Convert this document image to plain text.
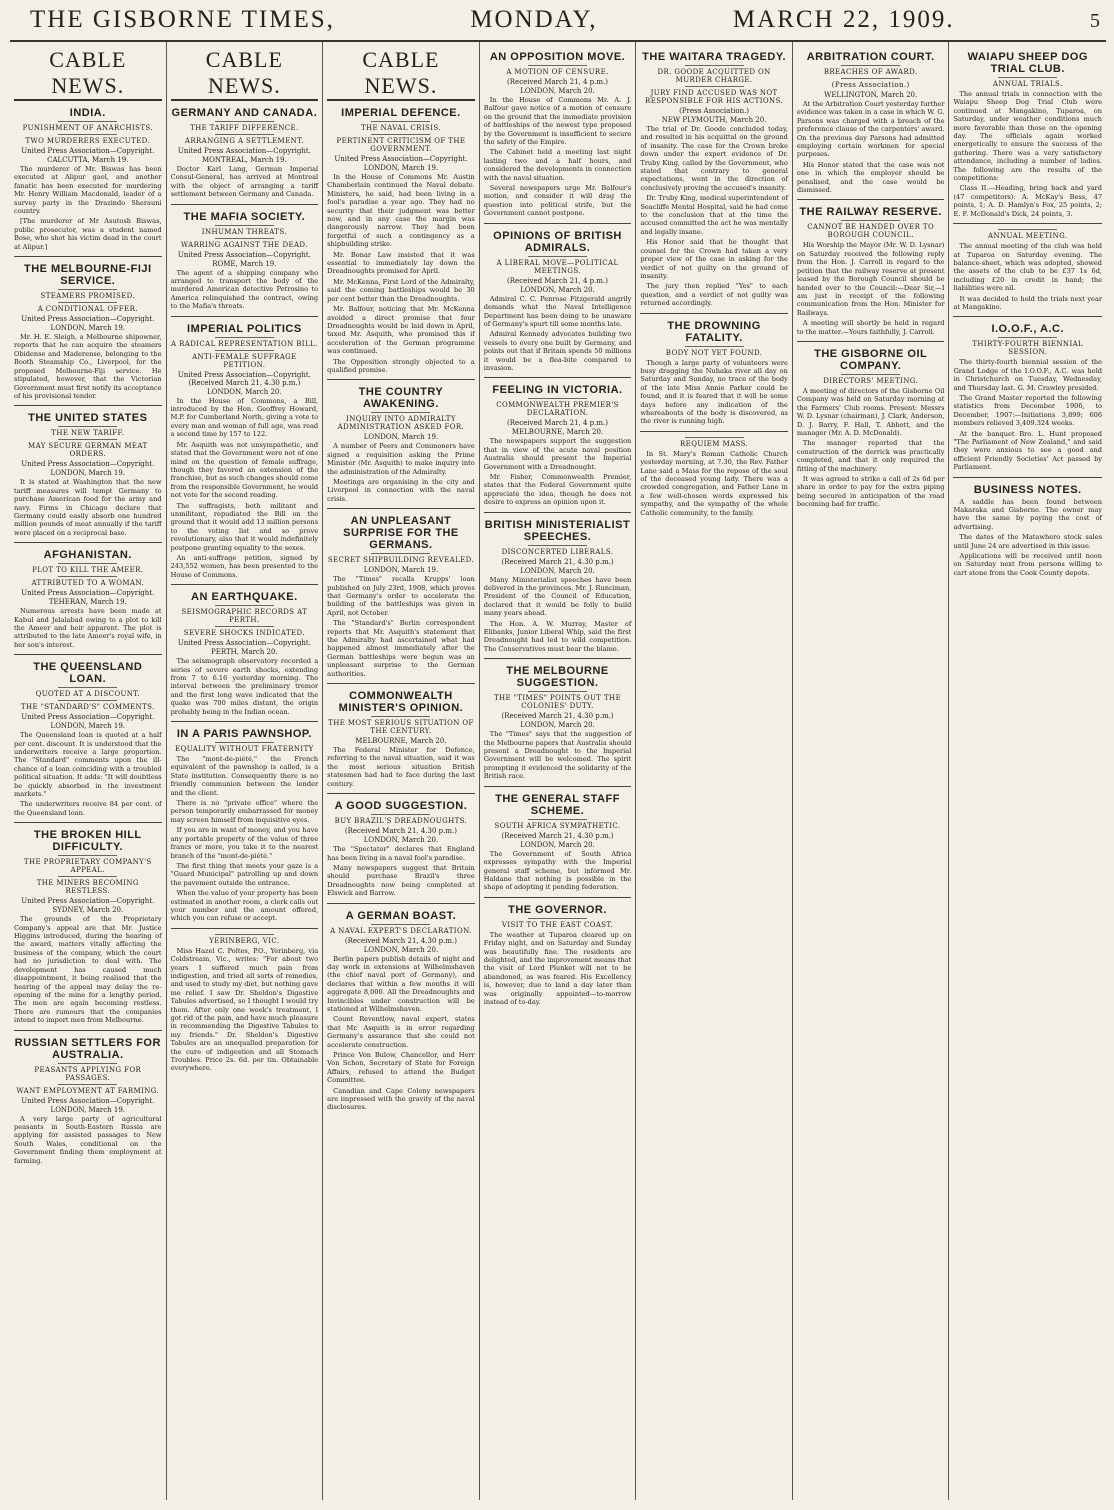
THE GISBORNE TIMES,	MONDAY,	MARCH 22, 1909.	5
CABLE NEWS.
INDIA.
PUNISHMENT OF ANARCHISTS.
TWO MURDERERS EXECUTED.
United Press Association—Copyright.
CALCUTTA, March 19.

The murderer of Mr. Biswas has been executed at Alipur gaol, and another fanatic has been executed for murdering Mr. Henry William Macdonald, leader of a survey party in the Drazindo Sherauni country.

[The murderer of Mr Asutosh Biswas, public prosecutor, was a student named Bose, who shot his victim dead in the court at Alipur.]

THE MELBOURNE-FIJI SERVICE.
STEAMERS PROMISED.
A CONDITIONAL OFFER.
United Press Association—Copyright.
LONDON, March 19.

Mr. H. E. Sleigh, a Melbourne shipowner, reports that he can acquire the steamers Obidense and Maderense, belonging to the Booth Steamship Co., Liverpool, for the proposed Melbourne-Fiji service. He stipulated, however, that the Victorian Government must first notify its acceptance of his provisional tender.

THE UNITED STATES
THE NEW TARIFF.
MAY SECURE GERMAN MEAT ORDERS.
United Press Association—Copyright.
LONDON, March 19.

It is stated at Washington that the new tariff measures will tempt Germany to purchase American food for the army and navy. Firms in Chicago declare that Germany could easily absorb one hundred million pounds of meat annually if the tariff were placed on a reciprocal base.

AFGHANISTAN.
PLOT TO KILL THE AMEER.
ATTRIBUTED TO A WOMAN.
United Press Association—Copyright.
TEHERAN, March 19.

Numerous arrests have been made at Kabul and Jelalabad owing to a plot to kill the Ameer and heir apparent. The plot is attributed to the late Ameer's royal wife, in her son's interest.

THE QUEENSLAND LOAN.
QUOTED AT A DISCOUNT.
THE "STANDARD'S" COMMENTS.
United Press Association—Copyright.
LONDON, March 19.

The Queensland loan is quoted at a half per cent. discount. It is understood that the underwriters receive a large proportion. The "Standard" comments upon the ill-chance of a loan coinciding with a troubled political situation. It adds: "It will doubtless be quickly absorbed in the investment markets."

The underwriters receive 84 per cent. of the Queensland loan.

THE BROKEN HILL DIFFICULTY.
THE PROPRIETARY COMPANY'S APPEAL.
THE MINERS BECOMING RESTLESS.
United Press Association—Copyright.
SYDNEY, March 20.

The grounds of the Proprietary Company's appeal are that Mr. Justice Higgins introduced, during the hearing of the award, matters vitally affecting the business of the company, which the court had no jurisdiction to deal with. The development has caused much disappointment, it being realised that the hearing of the appeal may delay the re-opening of the mine for a lengthy period. The men are again becoming restless. There are rumours that the companies intend to import men from Melbourne.

RUSSIAN SETTLERS FOR AUSTRALIA.
PEASANTS APPLYING FOR PASSAGES.
WANT EMPLOYMENT AT FARMING.
United Press Association—Copyright.
LONDON, March 19.

A very large party of agricultural peasants in South-Eastern Russia are applying for assisted passages to New South Wales, conditional on the Government finding them employment at farming.

CABLE NEWS.
GERMANY AND CANADA.
THE TARIFF DIFFERENCE.
ARRANGING A SETTLEMENT.
United Press Association—Copyright.
MONTREAL, March 19.

Doctor Karl Lang, German Imperial Consul-General, has arrived at Montreal with the object of arranging a tariff settlement between Germany and Canada.

THE MAFIA SOCIETY.
INHUMAN THREATS.
WARRING AGAINST THE DEAD.
United Press Association—Copyright.
ROME, March 19.

The agent of a shipping company who arranged to transport the body of the murdered American detective Petrosino to America relinquished the contract, owing to the Mafia's threats.

IMPERIAL POLITICS
A RADICAL REPRESENTATION BILL.
ANTI-FEMALE SUFFRAGE PETITION.
United Press Association—Copyright. (Received March 21, 4.30 p.m.)
LONDON, March 20.

In the House of Commons, a Bill, introduced by the Hon. Geoffrey Howard, M.P. for Cumberland North, giving a vote to every man and woman of full age, was read a second time by 157 to 122.

Mr. Asquith was not unsympathetic, and stated that the Government were not of one mind on the question of female suffrage, though they favored an extension of the franchise, but as such changes should come from the responsible Government, he would not vote for the second reading.

The suffragists, both militant and unmilitant, repudiated the Bill on the ground that it would add 13 million persons to the voting list and so prove revolutionary, also that it would indefinitely postpone granting equality to the sexes.

An anti-suffrage petition, signed by 243,552 women, has been presented to the House of Commons.

AN EARTHQUAKE.
SEISMOGRAPHIC RECORDS AT PERTH.
SEVERE SHOCKS INDICATED.
United Press Association—Copyright.
PERTH, March 20.

The seismograph observatory recorded a series of severe earth shocks, extending from 7 to 6.16 yesterday morning. The interval between the preliminary tremor and the first long wave indicated that the quake was 700 miles distant, the origin probably being in the Indian ocean.

IN A PARIS PAWNSHOP.
EQUALITY WITHOUT FRATERNITY

The "mont-de-piété," the French equivalent of the pawnshop is called, is a State institution. Consequently there is no friendly communion between the lender and the client.

There is no "private office" where the person temporarily embarrassed for money may screen himself from inquisitive eyes.

If you are in want of money, and you have any portable property of the value of three francs or more, you take it to the nearest branch of the "mont-de-piété."

The first thing that meets your gaze is a "Guard Municipal" patrolling up and down the pavement outside the entrance.

When the value of your property has been estimated in another room, a clerk calls out your number and the amount offered, which you can refuse or accept.

YERINBERG, VIC.

Miss Hazel C. Poltes, P.O., Yerinberg, via Coldstream, Vic., writes: "For about two years I suffered much pain from indigestion, and tried all sorts of remedies, and used to study my diet, but nothing gave me relief. I saw Dr. Sheldon's Digestive Tabules advertised, so I thought I would try them. After only one week's treatment, I got rid of the pain, and have much pleasure in recommending the Digestive Tabules to my friends." Dr. Sheldon's Digestive Tabules are an unequalled preparation for the cure of indigestion and all Stomach Troubles. Price 2s. 6d. per tin. Obtainable everywhere.

CABLE NEWS.
IMPERIAL DEFENCE.
THE NAVAL CRISIS.
PERTINENT CRITICISM OF THE GOVERNMENT.
United Press Association—Copyright.
LONDON, March 19.

In the House of Commons Mr. Austin Chamberlain continued the Naval debate. Ministers, he said, had been living in a fool's paradise a year ago. They had no security that their judgment was better now, and in any case the margin was dangerously narrow. They had been forgetful of such a contingency as a shipbuilding strike.

Mr. Bonar Law insisted that it was essential to immediately lay down the Dreadnoughts promised for April.

Mr. McKenna, First Lord of the Admiralty, said the coming battleships would be 30 per cent better than the Dreadnoughts.

Mr. Balfour, noticing that Mr. McKenna avoided a direct promise that four Dreadnoughts would be laid down in April, taxed Mr. Asquith, who promised this if acceleration of the German programme was continued.

The Opposition strongly objected to a qualified promise.

THE COUNTRY AWAKENING.
INQUIRY INTO ADMIRALTY ADMINISTRATION ASKED FOR.
LONDON, March 19.

A number of Peers and Commoners have signed a requisition asking the Prime Minister (Mr. Asquith) to make inquiry into the administration of the Admiralty.

Meetings are organising in the city and Liverpool in connection with the naval crisis.

AN UNPLEASANT SURPRISE FOR THE GERMANS.
SECRET SHIPBUILDING REVEALED.
LONDON, March 19.

The "Times" recalls Krupps' loan published on July 23rd, 1908, which proves that Germany's order to accelerate the building of the battleships was given in April, not October.

The "Standard's" Berlin correspondent reports that Mr. Asquith's statement that the Admiralty had ascertained what had happened almost immediately after the German battleships were begun was an unpleasant surprise to the German authorities.

COMMONWEALTH MINISTER'S OPINION.
THE MOST SERIOUS SITUATION OF THE CENTURY.
MELBOURNE, March 20.

The Federal Minister for Defence, referring to the naval situation, said it was the most serious situation British statesmen had had to face during the last century.

A GOOD SUGGESTION.
BUY BRAZIL'S DREADNOUGHTS.
(Received March 21, 4.30 p.m.)
LONDON, March 20.

The "Spectator" declares that England has been living in a naval fool's paradise.

Many newspapers suggest that Britain should purchase Brazil's three Dreadnoughts now being completed at Elswick and Barrow.

A GERMAN BOAST.
A NAVAL EXPERT'S DECLARATION.
(Received March 21, 4.30 p.m.)
LONDON, March 20.

Berlin papers publish details of night and day work in extensions at Wilhelmshaven (the chief naval port of Germany), and declares that within a few months it will aggregate 8,000. All the Dreadnoughts and Invincibles under construction will be stationed at Wilhelmshaven.

Count Reventlow, naval expert, states that Mr. Asquith is in error regarding Germany's assurance that she could not accelerate construction.

Prince Von Bulow, Chancellor, and Herr Von Schon, Secretary of State for Foreign Affairs, refused to attend the Budget Committee.

Canadian and Cape Colony newspapers are impressed with the gravity of the naval disclosures.

AN OPPOSITION MOVE.
A MOTION OF CENSURE.
(Received March 21, 4 p.m.)
LONDON, March 20.

In the House of Commons Mr. A. J. Balfour gave notice of a motion of censure on the ground that the immediate provision of battleships of the newest type proposed by the Government is insufficient to secure the safety of the Empire.

The Cabinet held a meeting last night lasting two and a half hours, and considered the developments in connection with the naval situation.

Several newspapers urge Mr. Balfour's motion, and consider it will drag the question into political strife, but the Government cannot postpone.

OPINIONS OF BRITISH ADMIRALS.
A LIBERAL MOVE—POLITICAL MEETINGS.
(Received March 21, 4 p.m.)
LONDON, March 20.

Admiral C. C. Penrose Fitzgerald angrily demands what the Naval Intelligence Department has been doing to be unaware of Germany's spurt till some months late.

Admiral Kennedy advocates building two vessels to every one built by Germany, and points out that if Britain spends 50 millions it would be a flea-bite compared to invasion.

FEELING IN VICTORIA.
COMMONWEALTH PREMIER'S DECLARATION.
(Received March 21, 4 p.m.)
MELBOURNE, March 20.

The newspapers support the suggestion that in view of the acute naval position Australia should present the Imperial Government with a Dreadnought.

Mr. Fisher, Commonwealth Premier, states that the Federal Government quite appreciate the idea, though he does not desire to express an opinion upon it.

BRITISH MINISTERIALIST SPEECHES.
DISCONCERTED LIBERALS.
(Received March 21, 4.30 p.m.)
LONDON, March 20.

Many Ministerialist speeches have been delivered in the provinces. Mr. J. Runciman, President of the Council of Education, declared that it would be folly to build many years ahead.

The Hon. A. W. Murray, Master of Elibanks, Junior Liberal Whip, said the first Dreadnought had led to wild competition. The Conservatives must bear the blame.

THE MELBOURNE SUGGESTION.
THE "TIMES" POINTS OUT THE COLONIES' DUTY.
(Received March 21, 4.30 p.m.)
LONDON, March 20.

The "Times" says that the suggestion of the Melbourne papers that Australia should present a Dreadnought to the Imperial Government will be welcomed. The spirit prompting it evidenced the solidarity of the British race.

THE GENERAL STAFF SCHEME.
SOUTH AFRICA SYMPATHETIC.
(Received March 21, 4.30 p.m.)
LONDON, March 20.

The Government of South Africa expresses sympathy with the Imperial general staff scheme, but informed Mr. Haldane that nothing is possible in the shape of adopting it pending federation.

THE GOVERNOR.
VISIT TO THE EAST COAST.

The weather at Tuparoa cleared up on Friday night, and on Saturday and Sunday was beautifully fine. The residents are delighted, and the improvement means that the visit of Lord Plunket will not to be abandoned, as was feared. His Excellency is, however, due to land a day later than was originally appointed—to-morrow instead of to-day.

THE WAITARA TRAGEDY.
DR. GOODE ACQUITTED ON MURDER CHARGE.
JURY FIND ACCUSED WAS NOT RESPONSIBLE FOR HIS ACTIONS.
(Press Association.)
NEW PLYMOUTH, March 20.

The trial of Dr. Goode concluded today, and resulted in his acquittal on the ground of insanity. The case for the Crown broke down under the expert evidence of Dr. Truby King, called by the Government, who stated that contrary to general expectations, went in the direction of conclusively proving the accused's insanity.

Dr. Truby King, medical superintendent of Seacliffe Mental Hospital, said he had come to the conclusion that at the time the accused committed the act he was mentally and legally insane.

His Honor said that he thought that counsel for the Crown had taken a very proper view of the case in asking for the verdict of not guilty on the ground of insanity.

The jury then replied "Yes" to each question, and a verdict of not guilty was returned accordingly.

THE DROWNING FATALITY.
BODY NOT YET FOUND.

Though a large party of volunteers were busy dragging the Nuhaka river all day on Saturday and Sunday, no trace of the body of the late Miss Annie Parker could be found, and it is feared that it will be some days before any indication of the whereabouts of the body is discovered, as the river is running high.

REQUIEM MASS.

In St. Mary's Roman Catholic Church yesterday morning, at 7.30, the Rev. Father Lane said a Mass for the repose of the soul of the deceased young lady. There was a crowded congregation, and Father Lane in a few well-chosen words expressed his sympathy, and the sympathy of the whole Catholic community, to the family.

ARBITRATION COURT.
BREACHES OF AWARD.
(Press Association.)
WELLINGTON, March 20.

At the Arbitration Court yesterday further evidence was taken in a case in which W. G. Parsons was charged with a breach of the preference clause of the carpenters' award. On the previous day Parsons had admitted employing certain workmen for special purposes.

His Honor stated that the case was not one in which the employer should be penalised, and the case would be dismissed.

THE RAILWAY RESERVE.
CANNOT BE HANDED OVER TO BOROUGH COUNCIL.

His Worship the Mayor (Mr. W. D. Lysnar) on Saturday received the following reply from the Hon. J. Carroll in regard to the petition that the railway reserve at present leased by the Borough Council should be handed over to the Council:—Dear Sir,—I am just in receipt of the following communication from the Hon. Minister for Railways.

A meeting will shortly be held in regard to the matter.—Yours faithfully, J. Carroll.

THE GISBORNE OIL COMPANY.
DIRECTORS' MEETING.

A meeting of directors of the Gisborne Oil Company was held on Saturday morning at the Farmers' Club rooms. Present: Messrs W. D. Lysnar (chairman), J. Clark, Anderson, D. J. Barry, F. Hall, T. Abbott, and the manager (Mr. A. D. McDonald).

The manager reported that the construction of the derrick was practically completed, and that it only required the fitting of the machinery.

It was agreed to strike a call of 2s 6d per share in order to pay for the extra piping being secured in anticipation of the road becoming bad for traffic.

WAIAPU SHEEP DOG TRIAL CLUB.
ANNUAL TRIALS.

The annual trials in connection with the Waiapu Sheep Dog Trial Club were continued at Mangakino, Tuparoa, on Saturday, under weather conditions much more favorable than those on the opening day. The officials again worked energetically to ensure the success of the gathering. There was a very satisfactory attendance, including a number of ladies. The following are the results of the competitions:

Class II.—Heading, bring back and yard (47 competitors): A. McKay's Bess, 47 points, 1; A. D. Hamlyn's Fox, 25 points, 2; E. F. McDonald's Dick, 24 points, 3.

ANNUAL MEETING.

The annual meeting of the club was held at Tuparoa on Saturday evening. The balance-sheet, which was adopted, showed the assets of the club to be £37 1s 6d, including £20 in credit in hand; the liabilities were nil.

It was decided to hold the trials next year at Mangakino.

I.O.O.F., A.C.
THIRTY-FOURTH BIENNIAL SESSION.

The thirty-fourth biennial session of the Grand Lodge of the I.O.O.F., A.C. was held in Christchurch on Tuesday, Wednesday, and Thursday last. G. M. Crawley presided.

The Grand Master reported the following statistics from December 1906, to December, 1907:—Initiations 3,899; 606 members relieved 3,409.324 weeks.

At the banquet Bro. L. Hunt proposed "The Parliament of New Zealand," and said they were anxious to see a good and efficient Friendly Societies' Act passed by Parliament.

BUSINESS NOTES.

A saddle has been found between Makaraka and Gisborne. The owner may have the same by paying the cost of advertising.

The dates of the Matawhero stock sales until June 24 are advertised in this issue.

Applications will be received until noon on Saturday next from persons willing to cart stone from the Cook County depots.
